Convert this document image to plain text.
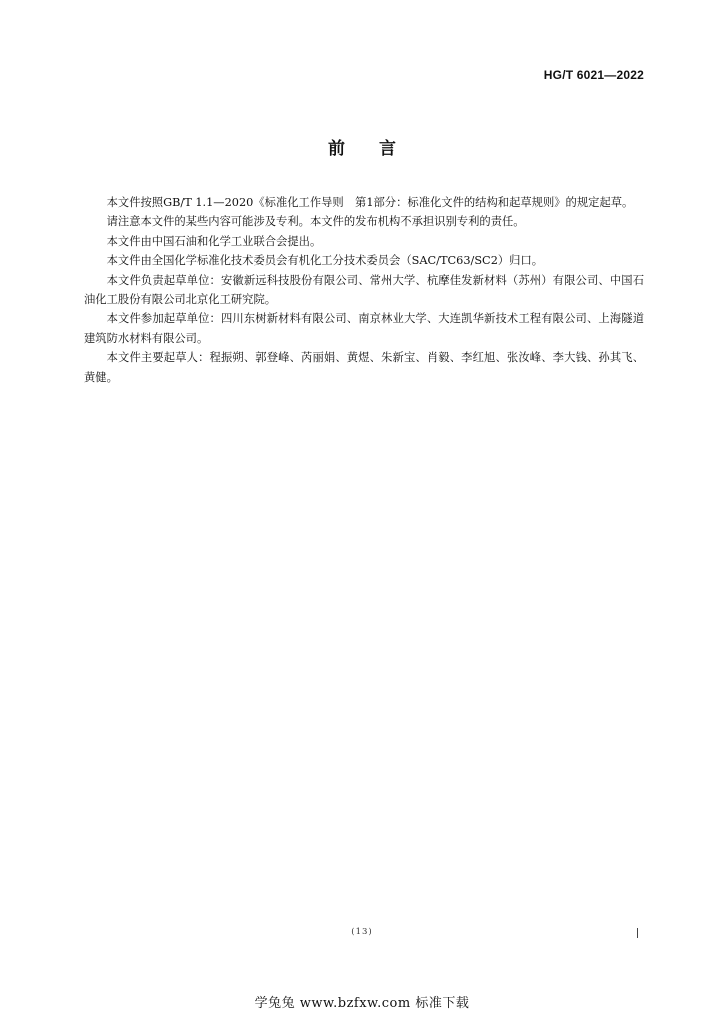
HG/T 6021—2022
前言

本文件按照GB/T 1.1—2020《标准化工作导则　第1部分：标准化文件的结构和起草规则》的规定起草。

请注意本文件的某些内容可能涉及专利。本文件的发布机构不承担识别专利的责任。

本文件由中国石油和化学工业联合会提出。

本文件由全国化学标准化技术委员会有机化工分技术委员会（SAC/TC63/SC2）归口。

本文件负责起草单位：安徽新远科技股份有限公司、常州大学、杭摩佳发新材料（苏州）有限公司、中国石油化工股份有限公司北京化工研究院。

本文件参加起草单位：四川东树新材料有限公司、南京林业大学、大连凯华新技术工程有限公司、上海隧道建筑防水材料有限公司。

本文件主要起草人：程振朔、郭登峰、芮丽娟、黄煜、朱新宝、肖毅、李红旭、张汝峰、李大钱、孙其飞、黄健。

(13)
学兔兔 www.bzfxw.com 标准下载
